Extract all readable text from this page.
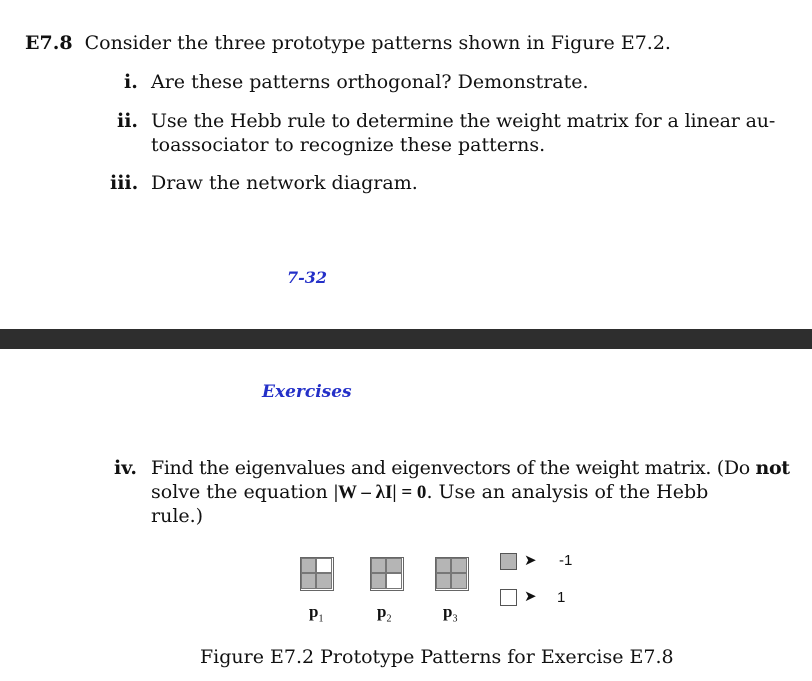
E7.8 Consider the three prototype patterns shown in Figure E7.2.
i. Are these patterns orthogonal? Demonstrate.
ii. Use the Hebb rule to determine the weight matrix for a linear au-
toassociator to recognize these patterns.
iii. Draw the network diagram.
7-32
Exercises
iv. Find the eigenvalues and eigenvectors of the weight matrix. (Do not
solve the equation |W – λI| = 0. Use an analysis of the Hebb
rule.)
$p_1$	$p_2$	$p_3$
➤ -1
➤ 1
Figure E7.2 Prototype Patterns for Exercise E7.8
